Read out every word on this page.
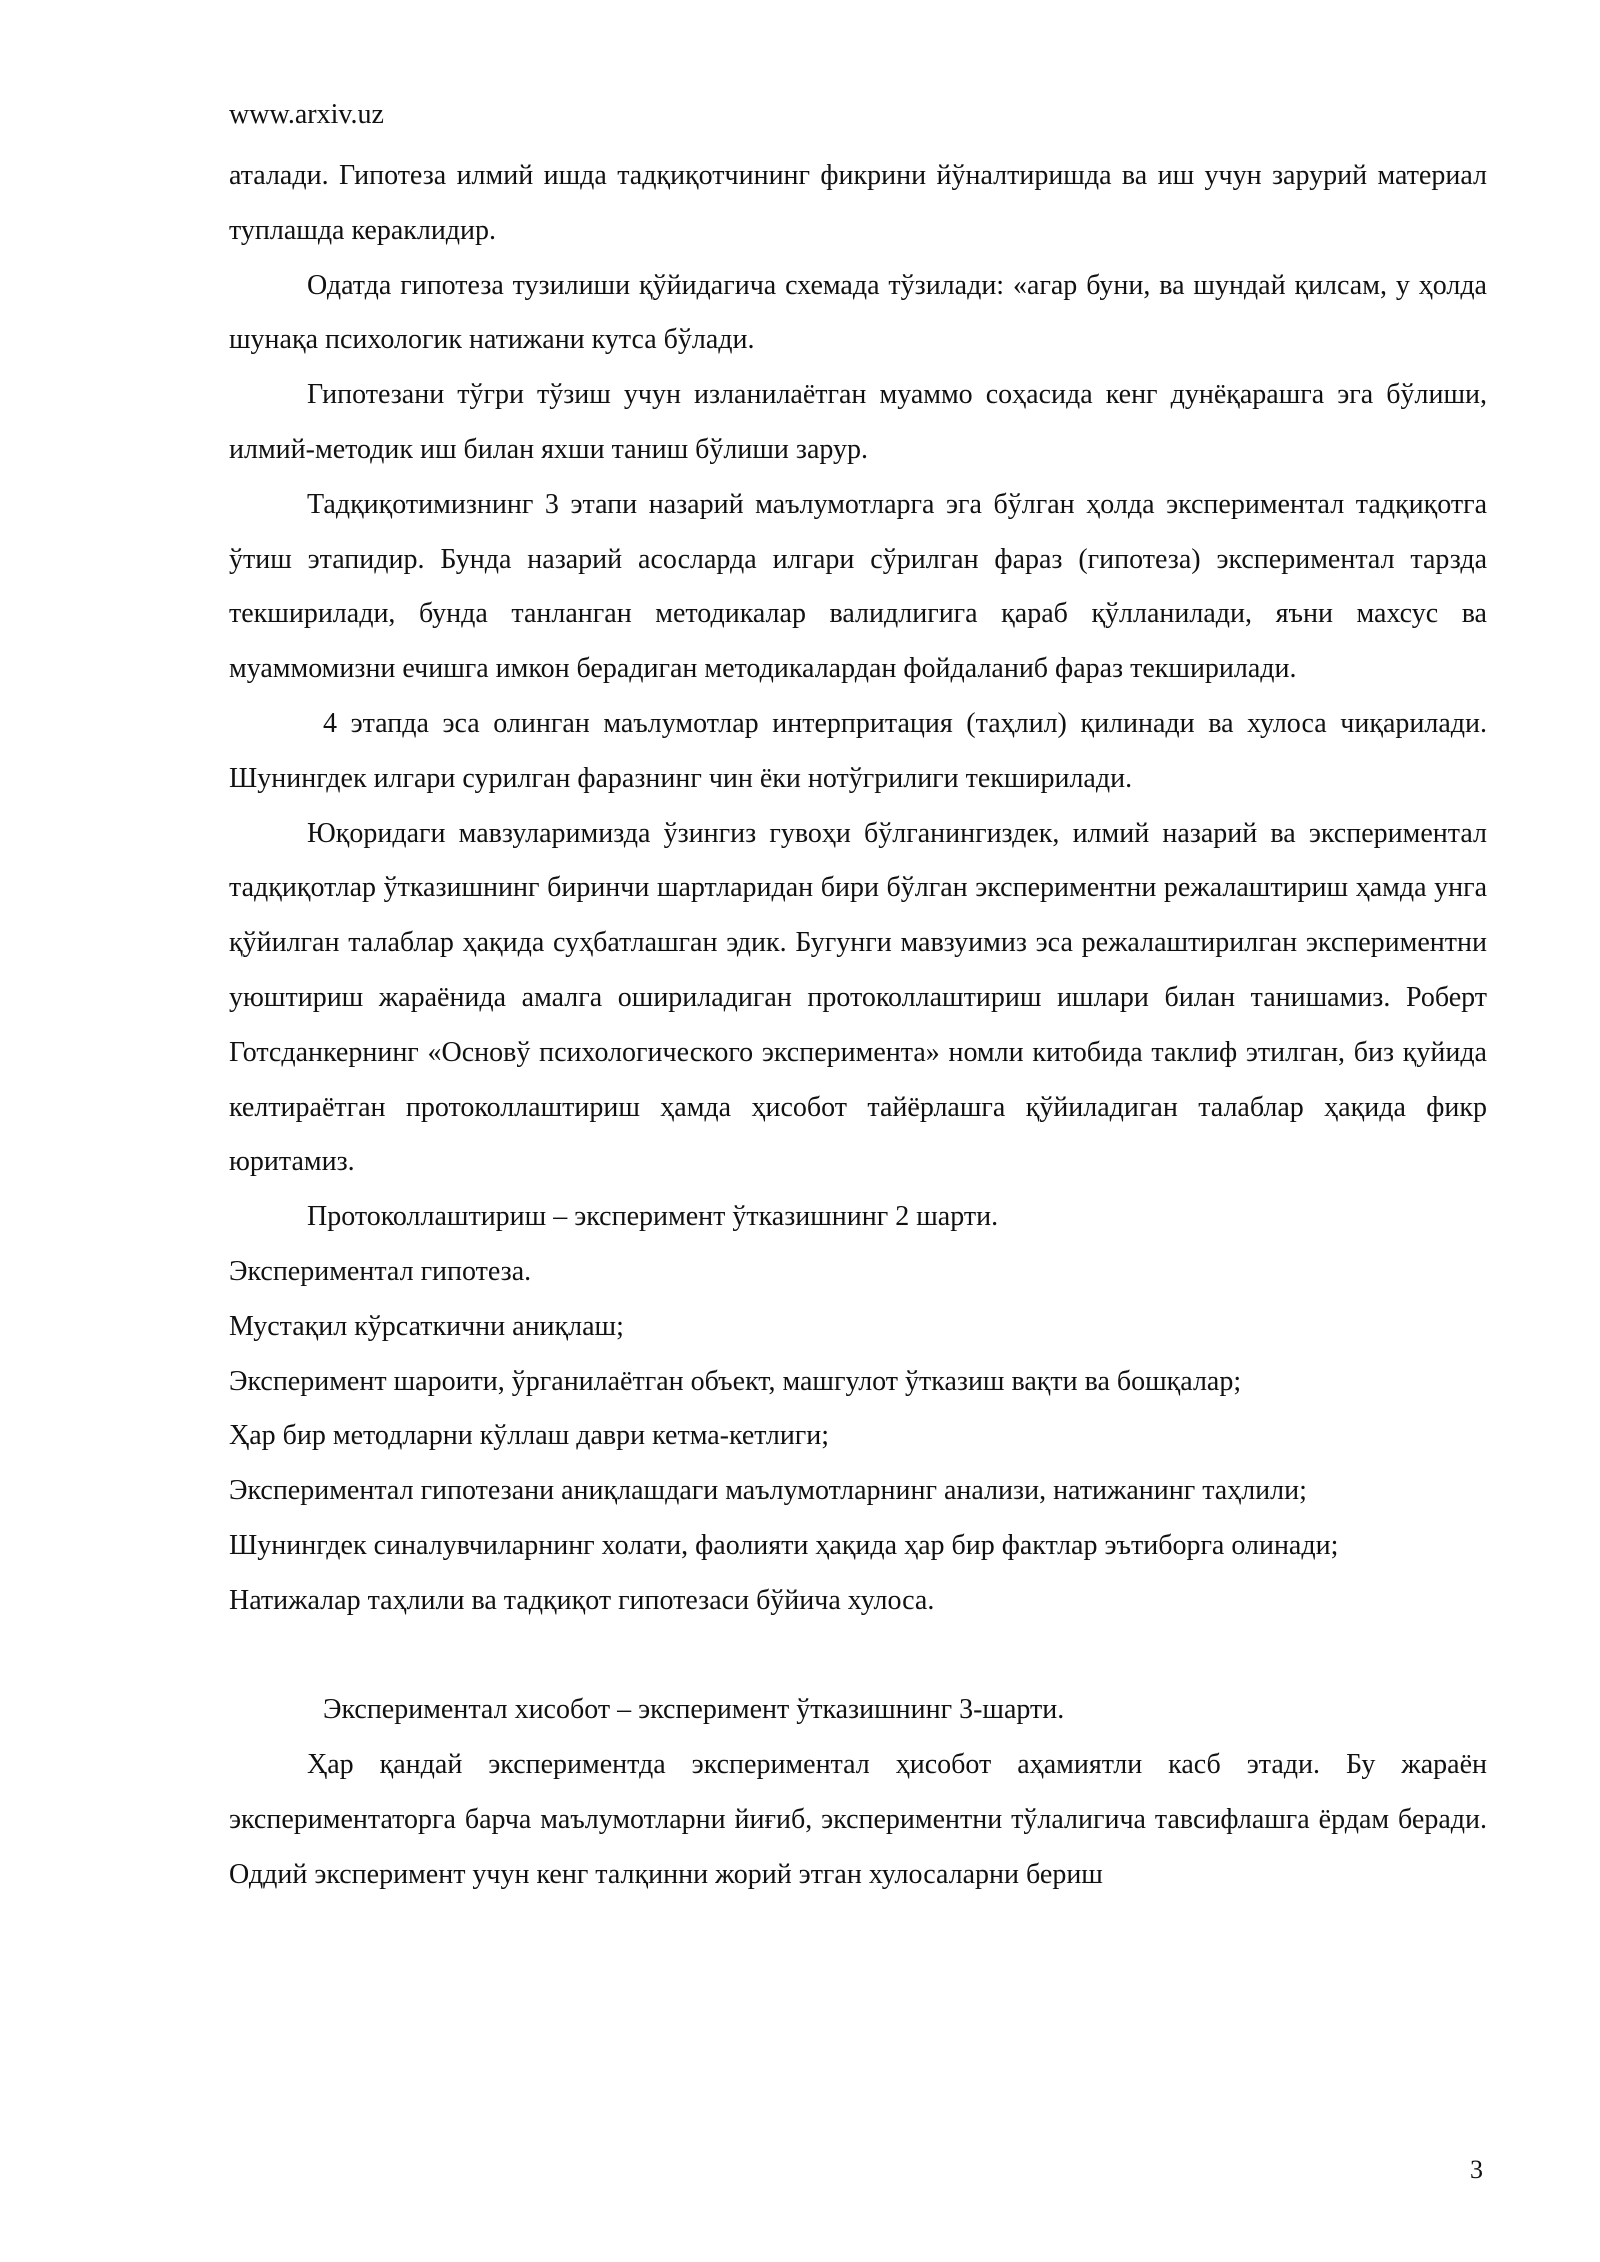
www.arxiv.uz

аталади. Гипотеза илмий ишда тадқиқотчининг фикрини йўналтиришда ва иш учун зарурий материал туплашда кераклидир.

Одатда гипотеза тузилиши қўйидагича схемада тўзилади: «агар буни, ва шундай қилсам, у ҳолда шунақа психологик натижани кутса бўлади.

Гипотезани тўгри тўзиш учун изланилаётган муаммо соҳасида кенг дунёқарашга эга бўлиши, илмий-методик иш билан яхши таниш бўлиши зарур.

Тадқиқотимизнинг 3 этапи назарий маълумотларга эга бўлган ҳолда экспериментал тадқиқотга ўтиш этапидир. Бунда назарий асосларда илгари сўрилган фараз (гипотеза) экспериментал тарзда текширилади, бунда танланган методикалар валидлигига қараб қўлланилади, яъни махсус ва муаммомизни ечишга имкон берадиган методикалардан фойдаланиб фараз текширилади.

4 этапда эса олинган маълумотлар интерпритация (таҳлил) қилинади ва хулоса чиқарилади. Шунингдек илгари сурилган фаразнинг чин ёки нотўгрилиги текширилади.

Юқоридаги мавзуларимизда ўзингиз гувоҳи бўлганингиздек, илмий назарий ва экспериментал тадқиқотлар ўтказишнинг биринчи шартларидан бири бўлган экспериментни режалаштириш ҳамда унга қўйилган талаблар ҳақида суҳбатлашган эдик. Бугунги мавзуимиз эса режалаштирилган экспериментни уюштириш жараёнида амалга ошириладиган протоколлаштириш ишлари билан танишамиз. Роберт Готсданкернинг «Основў психологического эксперимента» номли китобида таклиф этилган, биз қуйида келтираётган протоколлаштириш ҳамда ҳисобот тайёрлашга қўйиладиган талаблар ҳақида фикр юритамиз.

Протоколлаштириш – эксперимент ўтказишнинг 2 шарти.

Экспериментал гипотеза.

Мустақил кўрсаткични аниқлаш;

Эксперимент шароити, ўрганилаётган объект, машгулот ўтказиш вақти ва бошқалар;

Ҳар бир методларни кўллаш даври кетма-кетлиги;

Экспериментал гипотезани аниқлашдаги маълумотларнинг анализи, натижанинг таҳлили;

Шунингдек синалувчиларнинг холати, фаолияти ҳақида ҳар бир фактлар эътиборга олинади;

Натижалар таҳлили ва тадқиқот гипотезаси бўйича хулоса.

Экспериментал хисобот – эксперимент ўтказишнинг 3-шарти.

Ҳар қандай экспериментда экспериментал ҳисобот аҳамиятли касб этади. Бу жараён экспериментаторга барча маълумотларни йиғиб, экспериментни тўлалигича тавсифлашга ёрдам беради. Оддий эксперимент учун кенг талқинни жорий этган хулосаларни бериш

3
